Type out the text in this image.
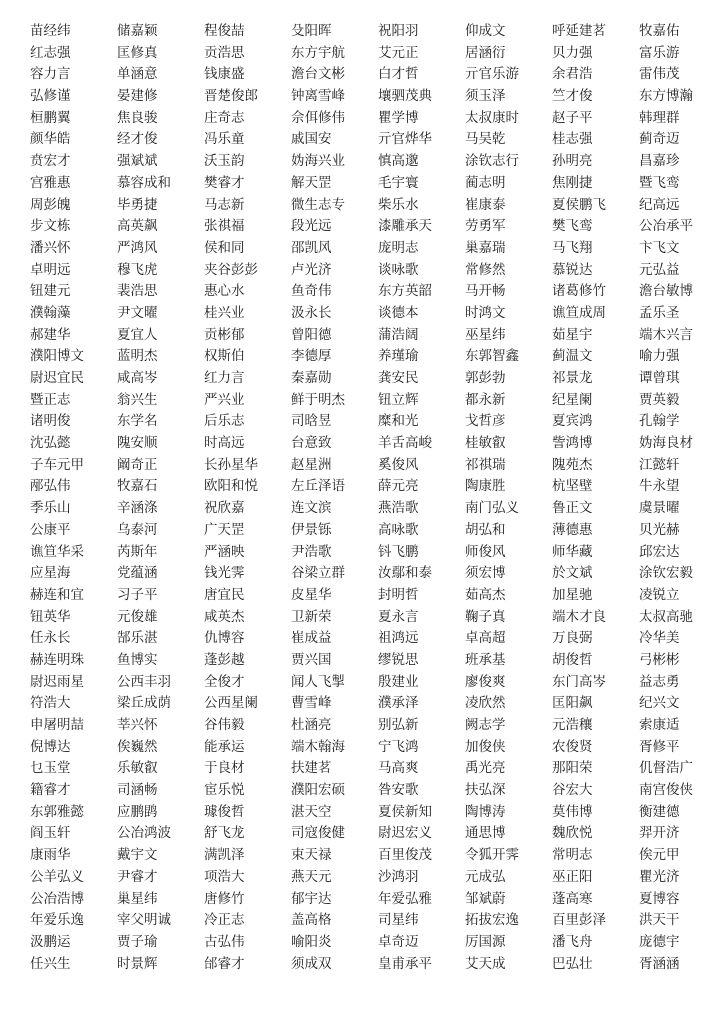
苗经纬
红志强
容力言
弘修谨
桓鹏翼
颜华皓
贲宏才
宫雅惠
周彭魄
步文栋
潘兴怀
卓明远
钮建元
濮翰藻
郝建华
濮阳博文
尉迟宜民
暨正志
诸明俊
沈弘懿
子车元甲
邴弘伟
季乐山
公康平
谯笪华采
应星海
赫连和宜
钮英华
任永长
赫连明珠
尉迟雨星
符浩大
申屠明喆
倪博达
乜玉堂
籍睿才
东郭雅懿
阎玉轩
康雨华
公羊弘义
公冶浩博
年爱乐逸
汲鹏运
任兴生
储嘉颖
匡修真
单涵意
晏建修
焦良骏
经才俊
强斌斌
慕容成和
毕勇捷
高英飙
严鸿风
穆飞虎
裴浩思
尹文曜
夏宜人
蓝明杰
咸高岑
翁兴生
东学名
隗安顺
阚奇正
牧嘉石
辛涵涤
乌泰河
芮斯年
党蕴涵
习子平
元俊雄
郜乐湛
鱼博实
公西丰羽
梁丘成荫
莘兴怀
俟巍然
乐敏叡
司涵畅
应鹏鹍
公冶鸿波
戴宇文
尹睿才
巢星纬
宰父明诚
贾子瑜
时景辉
程俊喆
贡浩思
钱康盛
晋楚俊郎
庄奇志
冯乐童
沃玉韵
樊睿才
马志新
张祺福
侯和同
夹谷彭彭
惠心水
桂兴业
贡彬郁
权斯伯
红力言
严兴业
后乐志
时高远
长孙星华
欧阳和悦
祝欣嘉
广天罡
严涵映
钱光霁
唐宜民
咸英杰
仇博容
蓬彭越
全俊才
公西星阑
谷伟毅
能承运
于良材
宦乐悦
璩俊哲
舒飞龙
满凯泽
项浩大
唐修竹
冷正志
古弘伟
邰睿才
殳阳晖
东方宇航
澹台文彬
钟离雪峰
佘佴修伟
戚国安
妫海兴业
解天罡
微生志专
段光远
邵凯风
卢光济
鱼奇伟
汲永长
曾阳德
李德厚
秦嘉勋
鲜于明杰
司晗昱
台意致
赵星洲
左丘泽语
连文滨
伊景铄
尹浩歌
谷梁立群
皮星华
卫新荣
崔成益
贾兴国
闻人飞掣
曹雪峰
杜涵亮
端木翰海
扶建茗
濮阳宏硕
湛天空
司寇俊健
束天禄
燕天元
郁宇达
盖高格
喻阳炎
须成双
祝阳羽
艾元正
白才哲
壤驷茂典
瞿学博
亓官烨华
慎高邈
毛宇寰
柴乐水
漆雕承天
庞明志
谈咏歌
东方英韶
谈德本
蒲浩阔
养瑾瑜
龚安民
钮立辉
糜和光
羊舌高峻
奚俊风
薛元亮
燕浩歌
高咏歌
钭飞鹏
汝鄢和泰
封明哲
夏永言
祖鸿远
缪锐思
殷建业
濮承泽
别弘新
宁飞鸿
马高爽
咎安歌
夏侯新知
尉迟宏义
百里俊茂
沙鸿羽
年爱弘雅
司星纬
卓奇迈
皇甫承平
仰成文
居涵衍
亓官乐游
须玉泽
太叔康时
马吴乾
涂钦志行
蔺志明
崔康泰
劳勇军
巢嘉瑞
常修然
马开畅
时鸿文
巫星纬
东郭智鑫
郭彭勃
都永新
戈哲彦
桂敏叡
祁祺瑞
陶康胜
南门弘义
胡弘和
师俊风
须宏博
茹高杰
鞠子真
卓高超
班承基
廖俊爽
凌欣然
阙志学
加俊侠
禹光亮
扶弘深
陶博涛
通思博
令狐开霁
元成弘
邹斌蔚
拓拔宏逸
厉国源
艾天成
呼延建茗
贝力强
余君浩
竺才俊
赵子平
桂志强
孙明亮
焦刚捷
夏侯鹏飞
樊飞鸾
马飞翔
慕锐达
诸葛修竹
谯笪成周
茹星宇
蓟温文
祁景龙
纪星阑
夏宾鸿
訾鸿博
隗苑杰
杭坚壁
鲁正文
薄德惠
师华藏
於文斌
加星驰
端木才良
万良弼
胡俊哲
东门高岑
匡阳飙
元浩穰
农俊贤
那阳荣
谷宏大
莫伟博
魏欣悦
常明志
巫正阳
蓬高寒
百里彭泽
潘飞舟
巴弘壮
牧嘉佑
富乐游
雷伟茂
东方博瀚
韩理群
蓟奇迈
昌嘉珍
暨飞鸾
纪高远
公冶承平
卞飞文
元弘益
澹台敏博
孟乐圣
端木兴言
喻力强
谭曾琪
贾英毅
孔翰学
妫海良材
江懿轩
牛永望
虞景曜
贝光赫
邱宏达
涂钦宏毅
凌锐立
太叔高驰
冷华美
弓彬彬
益志勇
纪兴文
索康适
胥修平
仉督浩广
南宫俊侠
衡建德
羿开济
俟元甲
瞿光济
夏博容
洪天干
庞德宇
胥涵涵
